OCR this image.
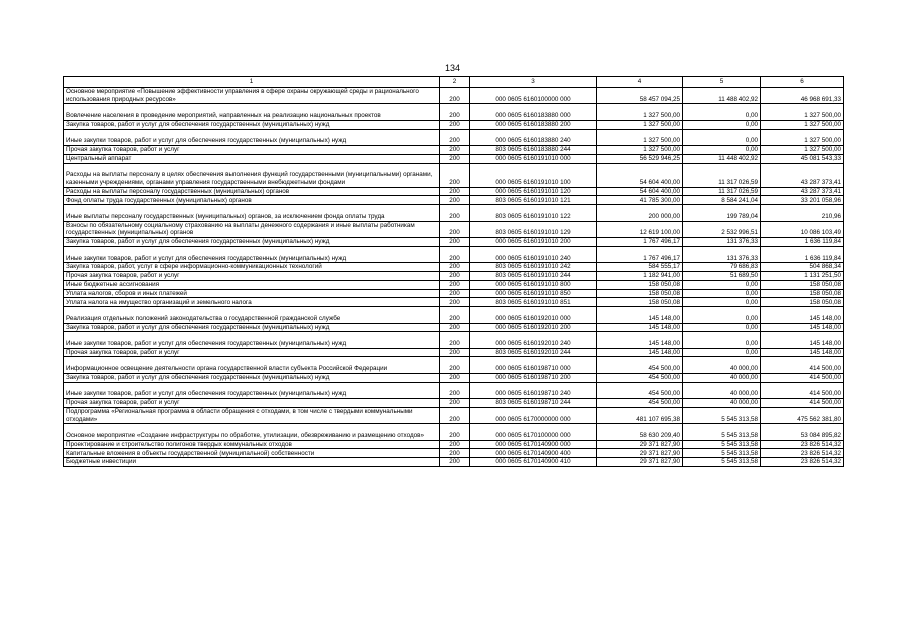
134
1	2	3	4	5	6
Основное мероприятие «Повышение эффективности управления в сфере охраны окружающей среды и рационального использования природных ресурсов»	200	000 0605 6160100000 000	58 457 094,25	11 488 402,92	46 968 691,33
Вовлечение населения в проведение мероприятий, направленных на реализацию национальных проектов	200	000 0605 6160183880 000	1 327 500,00	0,00	1 327 500,00
Закупка товаров, работ и услуг для обеспечения государственных (муниципальных) нужд	200	000 0605 6160183880 200	1 327 500,00	0,00	1 327 500,00
Иные закупки товаров, работ и услуг для обеспечения государственных (муниципальных) нужд	200	000 0605 6160183880 240	1 327 500,00	0,00	1 327 500,00
Прочая закупка товаров, работ и услуг	200	803 0605 6160183880 244	1 327 500,00	0,00	1 327 500,00
Центральный аппарат	200	000 0605 6160191010 000	56 529 946,25	11 448 402,92	45 081 543,33
Расходы на выплаты персоналу в целях обеспечения выполнения функций государственными (муниципальными) органами, казенными учреждениями, органами управления государственными внебюджетными фондами	200	000 0605 6160191010 100	54 604 400,00	11 317 026,59	43 287 373,41
Расходы на выплаты персоналу государственных (муниципальных) органов	200	000 0605 6160191010 120	54 604 400,00	11 317 026,59	43 287 373,41
Фонд оплаты труда государственных (муниципальных) органов	200	803 0605 6160191010 121	41 785 300,00	8 584 241,04	33 201 058,96
Иные выплаты персоналу государственных (муниципальных) органов, за исключением фонда оплаты труда	200	803 0605 6160191010 122	200 000,00	199 789,04	210,96
Взносы по обязательному социальному страхованию на выплаты денежного содержания и иные выплаты работникам государственных (муниципальных) органов	200	803 0605 6160191010 129	12 619 100,00	2 532 996,51	10 086 103,49
Закупка товаров, работ и услуг для обеспечения государственных (муниципальных) нужд	200	000 0605 6160191010 200	1 767 496,17	131 376,33	1 636 119,84
Иные закупки товаров, работ и услуг для обеспечения государственных (муниципальных) нужд	200	000 0605 6160191010 240	1 767 496,17	131 376,33	1 636 119,84
Закупка товаров, работ, услуг в сфере информационно-коммуникационных технологий	200	803 0605 6160191010 242	584 555,17	79 686,83	504 868,34
Прочая закупка товаров, работ и услуг	200	803 0605 6160191010 244	1 182 941,00	51 689,50	1 131 251,50
Иные бюджетные ассигнования	200	000 0605 6160191010 800	158 050,08	0,00	158 050,08
Уплата налогов, сборов и иных платежей	200	000 0605 6160191010 850	158 050,08	0,00	158 050,08
Уплата налога на имущество организаций и земельного налога	200	803 0605 6160191010 851	158 050,08	0,00	158 050,08
Реализация отдельных положений законодательства о государственной гражданской службе	200	000 0605 6160192010 000	145 148,00	0,00	145 148,00
Закупка товаров, работ и услуг для обеспечения государственных (муниципальных) нужд	200	000 0605 6160192010 200	145 148,00	0,00	145 148,00
Иные закупки товаров, работ и услуг для обеспечения государственных (муниципальных) нужд	200	000 0605 6160192010 240	145 148,00	0,00	145 148,00
Прочая закупка товаров, работ и услуг	200	803 0605 6160192010 244	145 148,00	0,00	145 148,00
Информационное освещение деятельности органа государственной власти субъекта Российской Федерации	200	000 0605 6160198710 000	454 500,00	40 000,00	414 500,00
Закупка товаров, работ и услуг для обеспечения государственных (муниципальных) нужд	200	000 0605 6160198710 200	454 500,00	40 000,00	414 500,00
Иные закупки товаров, работ и услуг для обеспечения государственных (муниципальных) нужд	200	000 0605 6160198710 240	454 500,00	40 000,00	414 500,00
Прочая закупка товаров, работ и услуг	200	803 0605 6160198710 244	454 500,00	40 000,00	414 500,00
Подпрограмма «Региональная программа в области обращения с отходами, в том числе с твердыми коммунальными отходами»	200	000 0605 6170000000 000	481 107 695,38	5 545 313,58	475 562 381,80
Основное мероприятие «Создание инфраструктуры по обработке, утилизации, обезвреживанию и размещению отходов»	200	000 0605 6170100000 000	58 630 209,40	5 545 313,58	53 084 895,82
Проектирование и строительство полигонов твердых коммунальных отходов	200	000 0605 6170140900 000	29 371 827,90	5 545 313,58	23 826 514,32
Капитальные вложения в объекты государственной (муниципальной) собственности	200	000 0605 6170140900 400	29 371 827,90	5 545 313,58	23 826 514,32
Бюджетные инвестиции	200	000 0605 6170140900 410	29 371 827,90	5 545 313,58	23 826 514,32
